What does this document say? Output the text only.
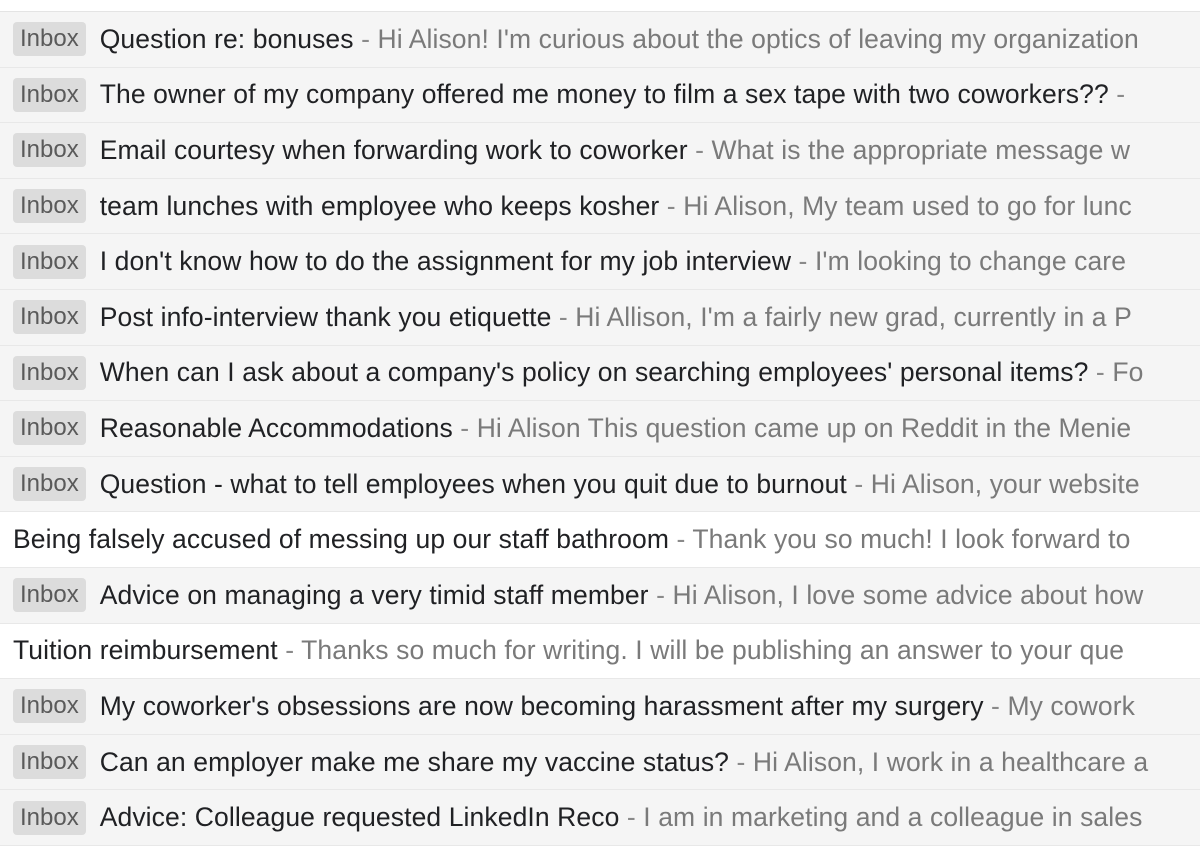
Inbox Question re: bonuses - Hi Alison! I'm curious about the optics of leaving my organization
Inbox The owner of my company offered me money to film a sex tape with two coworkers?? -
Inbox Email courtesy when forwarding work to coworker - What is the appropriate message w
Inbox team lunches with employee who keeps kosher - Hi Alison, My team used to go for lunc
Inbox I don't know how to do the assignment for my job interview - I'm looking to change care
Inbox Post info-interview thank you etiquette - Hi Allison, I'm a fairly new grad, currently in a P
Inbox When can I ask about a company's policy on searching employees' personal items? - Fo
Inbox Reasonable Accommodations - Hi Alison This question came up on Reddit in the Menie
Inbox Question - what to tell employees when you quit due to burnout - Hi Alison, your website
Being falsely accused of messing up our staff bathroom - Thank you so much! I look forward to
Inbox Advice on managing a very timid staff member - Hi Alison, I love some advice about how
Tuition reimbursement - Thanks so much for writing. I will be publishing an answer to your que
Inbox My coworker's obsessions are now becoming harassment after my surgery - My cowork
Inbox Can an employer make me share my vaccine status? - Hi Alison, I work in a healthcare a
Inbox Advice: Colleague requested LinkedIn Reco - I am in marketing and a colleague in sales
